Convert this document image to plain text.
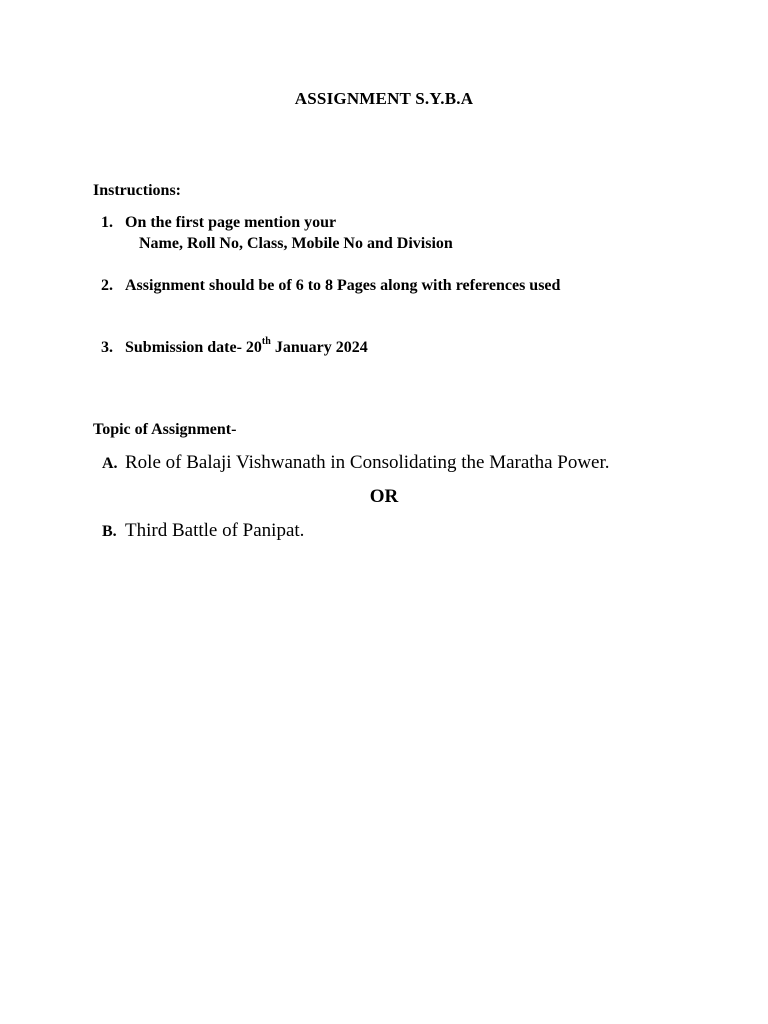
ASSIGNMENT S.Y.B.A
Instructions:
1. On the first page mention your
Name, Roll No, Class, Mobile No and Division
2. Assignment should be of 6 to 8 Pages along with references used
3. Submission date- 20th January 2024
Topic of Assignment-
A. Role of Balaji Vishwanath in Consolidating the Maratha Power.
OR
B. Third Battle of Panipat.
